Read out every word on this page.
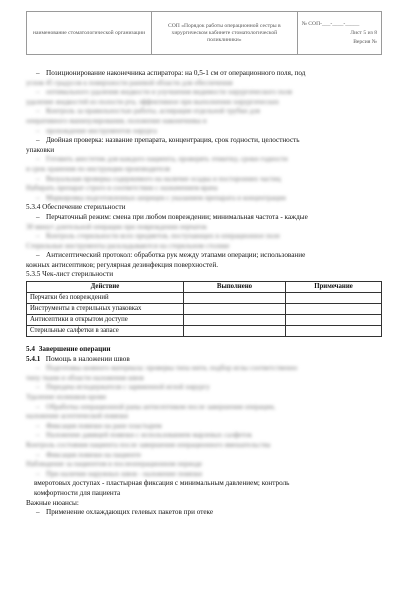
наименование стоматологической организации	СОП «Порядок работы операционной сестры в хирургическом кабинете стоматологической поликлиники»	
№ СОП-___-____-_____
Лист 5 из 8
Версия №
– Позиционирование наконечника аспиратора: на 0,5-1 см от операционного поля, под
углом 45 градусов к поверхности раневой области для обеспечения
– оптимального удаления жидкости и улучшения видимости хирургического поля
удаление жидкостей из полости рта, эффективное при выполнении хирургических
– Контроль за правильностью работы, аспирация отдельной трубки для
оперативного манипулирования, положение наконечника и
– прохождение инструментов хирурга
– Двойная проверка: название препарата, концентрация, срок годности, целостность
упаковки
– Готовить анестетик для каждого пациента, проверять этикетку, сроки годности
и срок хранения по инструкции производителя
– Визуальная проверка содержимого на наличие осадка и посторонних частиц
Набирать препарат строго в соответствии с назначением врача
– Маркировка подготовленных шприцев с указанием препарата и концентрации
5.3.4 Обеспечение стерильности
– Перчаточный режим: смена при любом повреждении; минимальная частота - каждые
30 минут длительной операции при повреждении перчаток
– Контроль стерильности всех предметов, поступающих в операционное поле
Стерильные инструменты раскладываются на стерильном столике
– Антисептический протокол: обработка рук между этапами операции; использование
кожных антисептиков; регулярная дезинфекция поверхностей.
5.3.5 Чек-лист стерильности
Действие	Выполнено	Примечание
Перчатки без повреждений		
Инструменты в стерильных упаковках		
Антисептики в открытом доступе		
Стерильные салфетки в запасе		
5.4 Завершение операции
5.4.1 Помощь в наложении швов
– Подготовка шовного материала: проверка типа нити, подбор иглы соответственно
типу ткани и области наложения швов
– Передача иглодержателя с заряженной иглой хирургу
Удаление излишков крови
– Обработка операционной раны антисептиком после завершения операции,
наложение асептической повязки
– Фиксация повязки на ране пластырем
– Наложение давящей повязки с использованием марлевых салфеток
Контроль состояния пациента после завершения операционного вмешательства
– Фиксация повязки на пациенте
Наблюдение за пациентом в послеоперационном периоде
– При наличии наружных швов - наложение повязки
вмеротовых доступах - пластырная фиксация с минимальным давлением; контроль
комфортности для пациента
Важные нюансы:
– Применение охлаждающих гелевых пакетов при отеке
